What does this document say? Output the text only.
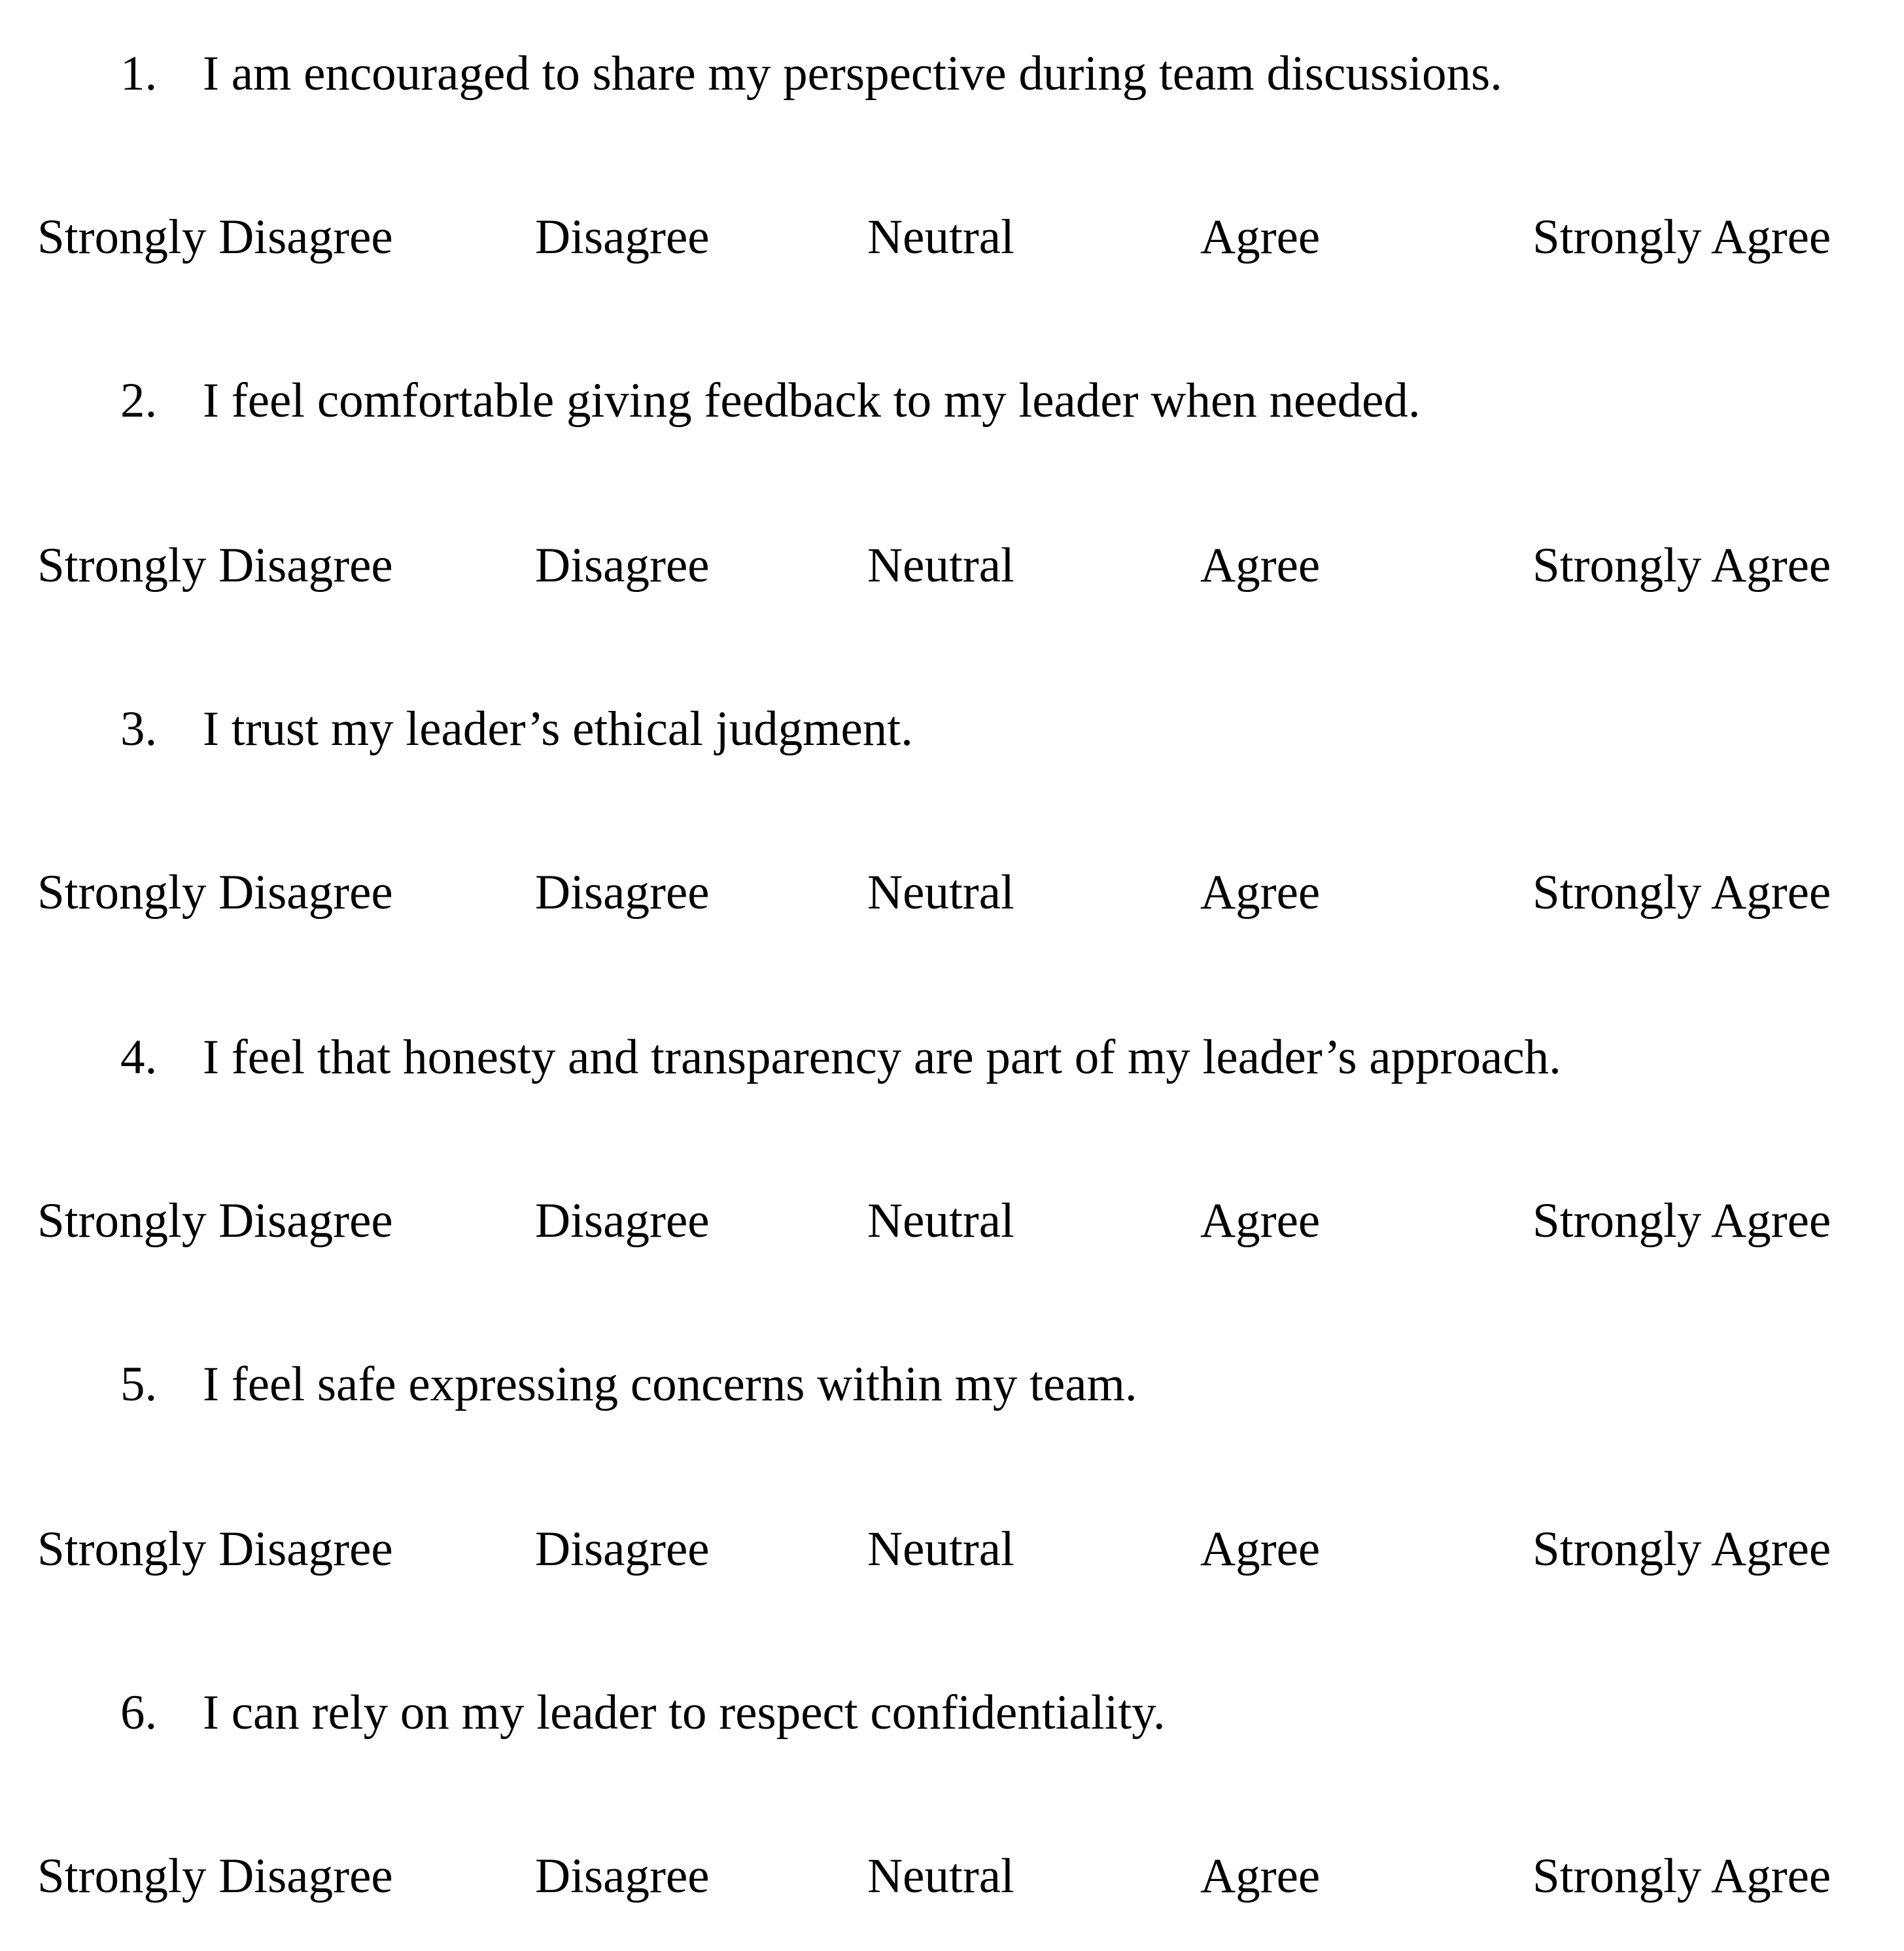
1. I am encouraged to share my perspective during team discussions.
Strongly Disagree	Disagree	Neutral	Agree	Strongly Agree
2. I feel comfortable giving feedback to my leader when needed.
Strongly Disagree	Disagree	Neutral	Agree	Strongly Agree
3. I trust my leader’s ethical judgment.
Strongly Disagree	Disagree	Neutral	Agree	Strongly Agree
4. I feel that honesty and transparency are part of my leader’s approach.
Strongly Disagree	Disagree	Neutral	Agree	Strongly Agree
5. I feel safe expressing concerns within my team.
Strongly Disagree	Disagree	Neutral	Agree	Strongly Agree
6. I can rely on my leader to respect confidentiality.
Strongly Disagree	Disagree	Neutral	Agree	Strongly Agree
